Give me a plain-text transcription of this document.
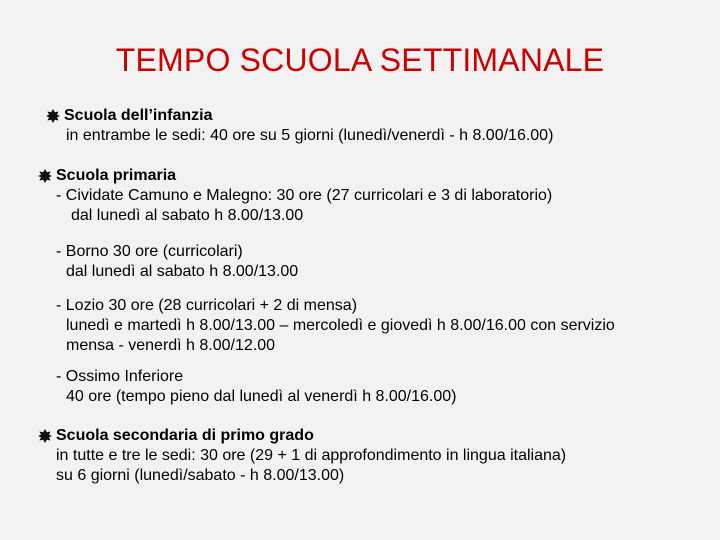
TEMPO SCUOLA SETTIMANALE
Scuola dell’infanzia
in entrambe le sedi: 40 ore su 5 giorni (lunedì/venerdì - h 8.00/16.00)
Scuola primaria
- Cividate Camuno e Malegno: 30 ore (27 curricolari e 3 di laboratorio)
dal lunedì al sabato h 8.00/13.00
- Borno 30 ore (curricolari)
dal lunedì al sabato h 8.00/13.00
- Lozio 30 ore (28 curricolari + 2 di mensa)
lunedì e martedì h 8.00/13.00 – mercoledì e giovedì h 8.00/16.00 con servizio
mensa - venerdì h 8.00/12.00
- Ossimo Inferiore
40 ore (tempo pieno dal lunedì al venerdì h 8.00/16.00)
Scuola secondaria di primo grado
in tutte e tre le sedi: 30 ore (29 + 1 di approfondimento in lingua italiana)
su 6 giorni (lunedì/sabato - h 8.00/13.00)
